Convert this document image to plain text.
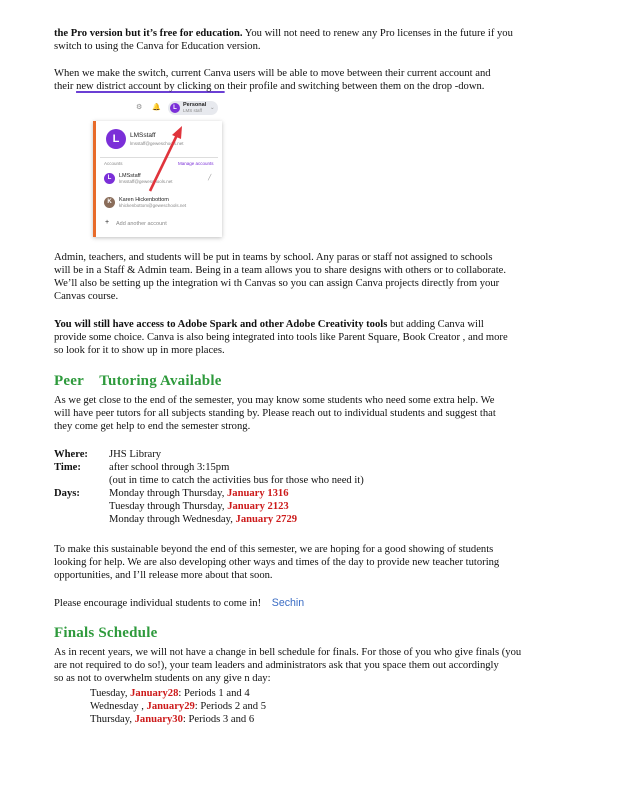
the Pro version but it’s free for education. You will not need to renew any Pro licenses in the future if you
switch to using the Canva for Education version.
When we make the switch, current Canva users will be able to move between their current account and
their new district account by clicking on their profile and switching between them on the drop -down.
⚙ 🔔	L	Personal
LMS staff ⌄
L	LMSstaff
lmsstaff@geweschools.net
Accounts	Manage accounts
L	LMSstaff
lmsstaff@geweschools.net
╱
K	Karen Hickenbottom
khickenbottom@geweschools.net
+ Add another account
Admin, teachers, and students will be put in teams by school. Any paras or staff not assigned to schools
will be in a Staff & Admin team. Being in a team allows you to share designs with others or to collaborate.
We’ll also be setting up the integration wi th Canvas so you can assign Canva projects directly from your
Canvas course.
You will still have access to Adobe Spark and other Adobe Creativity tools but adding Canva will
provide some choice. Canva is also being integrated into tools like Parent Square, Book Creator , and more
so look for it to show up in more places.
Peer    Tutoring Available
As we get close to the end of the semester, you may know some students who need some extra help. We
will have peer tutors for all subjects standing by. Please reach out to individual students and suggest that
they come get help to end the semester strong.
Where:	JHS Library
Time:	after school through 3:15pm
	(out in time to catch the activities bus for those who need it)
Days:	Monday through Thursday, January 1316
	Tuesday through Thursday, January 2123
	Monday through Wednesday, January 2729
To make this sustainable beyond the end of this semester, we are hoping for a good showing of students
looking for help. We are also developing other ways and times of the day to provide new teacher tutoring
opportunities, and I’ll release more about that soon.
Please encourage individual students to come in! Sechin
Finals Schedule
As in recent years, we will not have a change in bell schedule for finals. For those of you who give finals (you
are not required to do so!), your team leaders and administrators ask that you space them out accordingly
so as not to overwhelm students on any give n day:
Tuesday, January28: Periods 1 and 4
Wednesday , January29: Periods 2 and 5
Thursday, January30: Periods 3 and 6
